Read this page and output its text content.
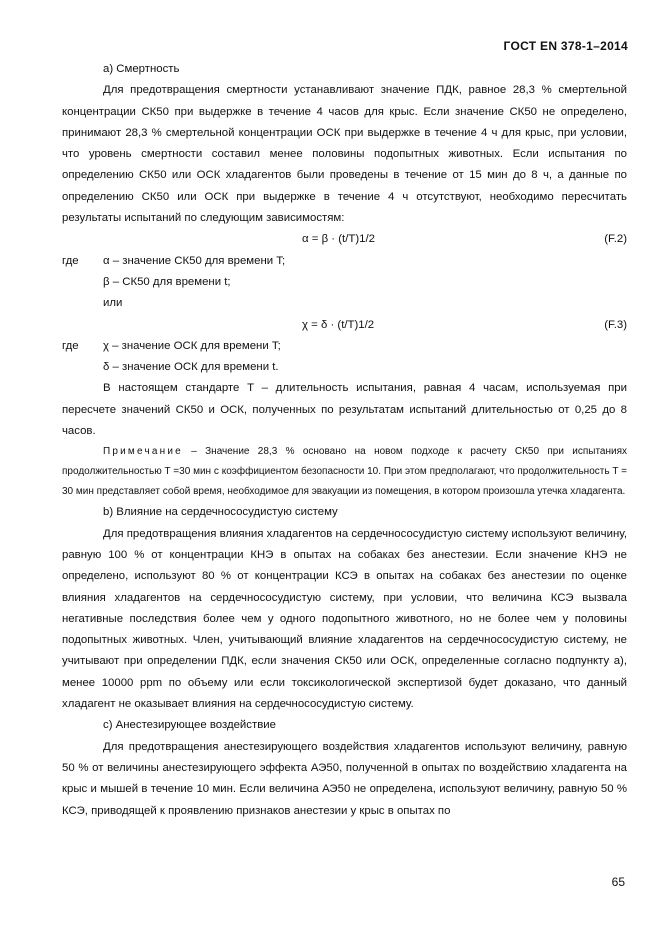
ГОСТ EN 378-1–2014

а) Смертность

Для предотвращения смертности устанавливают значение ПДК, равное 28,3 % смертельной концентрации СК50 при выдержке в течение 4 часов для крыс. Если значение СК50 не определено, принимают 28,3 % смертельной концентрации ОСК при выдержке в течение 4 ч для крыс, при условии, что уровень смертности составил менее половины подопытных животных. Если испытания по определению СК50 или ОСК хладагентов были проведены в течение от 15 мин до 8 ч, а данные по определению СК50 или ОСК при выдержке в течение 4 ч отсутствуют, необходимо пересчитать результаты испытаний по следующим зависимостям:

α = β · (t/T)1/2	(F.2)
где	α – значение СК50 для времени T;

β – СК50 для времени t;

или

χ = δ · (t/T)1/2	(F.3)
где	χ – значение ОСК для времени T;

δ – значение ОСК для времени t.

В настоящем стандарте T – длительность испытания, равная 4 часам, используемая при пересчете значений СК50 и ОСК, полученных по результатам испытаний длительностью от 0,25 до 8 часов.

Примечание – Значение 28,3 % основано на новом подходе к расчету СК50 при испытаниях продолжительностью T =30 мин с коэффициентом безопасности 10. При этом предполагают, что продолжительность T = 30 мин представляет собой время, необходимое для эвакуации из помещения, в котором произошла утечка хладагента.

b) Влияние на сердечнососудистую систему

Для предотвращения влияния хладагентов на сердечнососудистую систему используют величину, равную 100 % от концентрации КНЭ в опытах на собаках без анестезии. Если значение КНЭ не определено, используют 80 % от концентрации КСЭ в опытах на собаках без анестезии по оценке влияния хладагентов на сердечнососудистую систему, при условии, что величина КСЭ вызвала негативные последствия более чем у одного подопытного животного, но не более чем у половины подопытных животных. Член, учитывающий влияние хладагентов на сердечнососудистую систему, не учитывают при определении ПДК, если значения СК50 или ОСК, определенные согласно подпункту а), менее 10000 ppm по объему или если токсикологической экспертизой будет доказано, что данный хладагент не оказывает влияния на сердечнососудистую систему.

c) Анестезирующее воздействие

Для предотвращения анестезирующего воздействия хладагентов используют величину, равную 50 % от величины анестезирующего эффекта АЭ50, полученной в опытах по воздействию хладагента на крыс и мышей в течение 10 мин. Если величина АЭ50 не определена, используют величину, равную 50 % КСЭ, приводящей к проявлению признаков анестезии у крыс в опытах по

65
